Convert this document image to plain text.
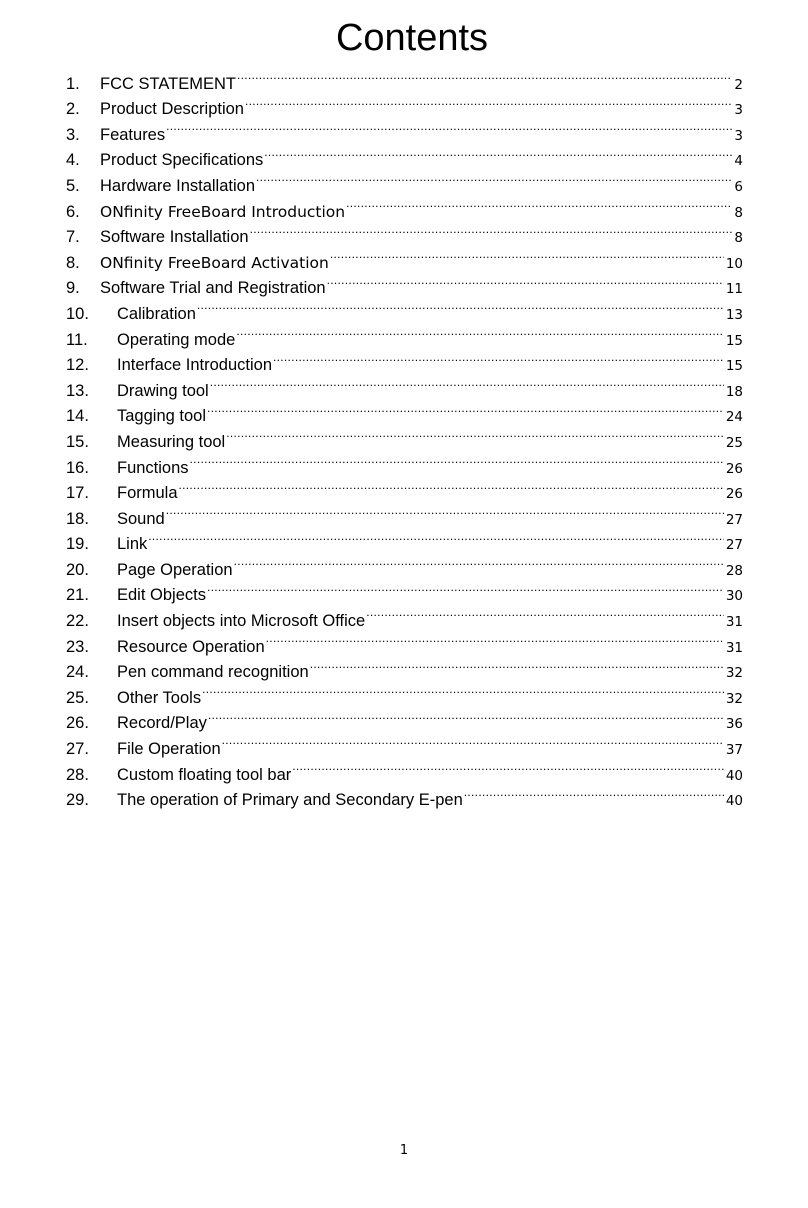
Contents
1.	FCC STATEMENT .....	2
2.	Product Description .....	3
3.	Features .....	3
4.	Product Specifications .....	4
5.	Hardware Installation .....	6
6.	ONfinity FreeBoard Introduction .....	8
7.	Software Installation .....	8
8.	ONfinity FreeBoard Activation .....	10
9.	Software Trial and Registration .....	11
10.	Calibration .....	13
11.	Operating mode .....	15
12.	Interface Introduction .....	15
13.	Drawing tool .....	18
14.	Tagging tool .....	24
15.	Measuring tool .....	25
16.	Functions .....	26
17.	Formula .....	26
18.	Sound .....	27
19.	Link .....	27
20.	Page Operation .....	28
21.	Edit Objects .....	30
22.	Insert objects into Microsoft Office .....	31
23.	Resource Operation .....	31
24.	Pen command recognition .....	32
25.	Other Tools .....	32
26.	Record/Play .....	36
27.	File Operation .....	37
28.	Custom floating tool bar .....	40
29.	The operation of Primary and Secondary E-pen .....	40
1
